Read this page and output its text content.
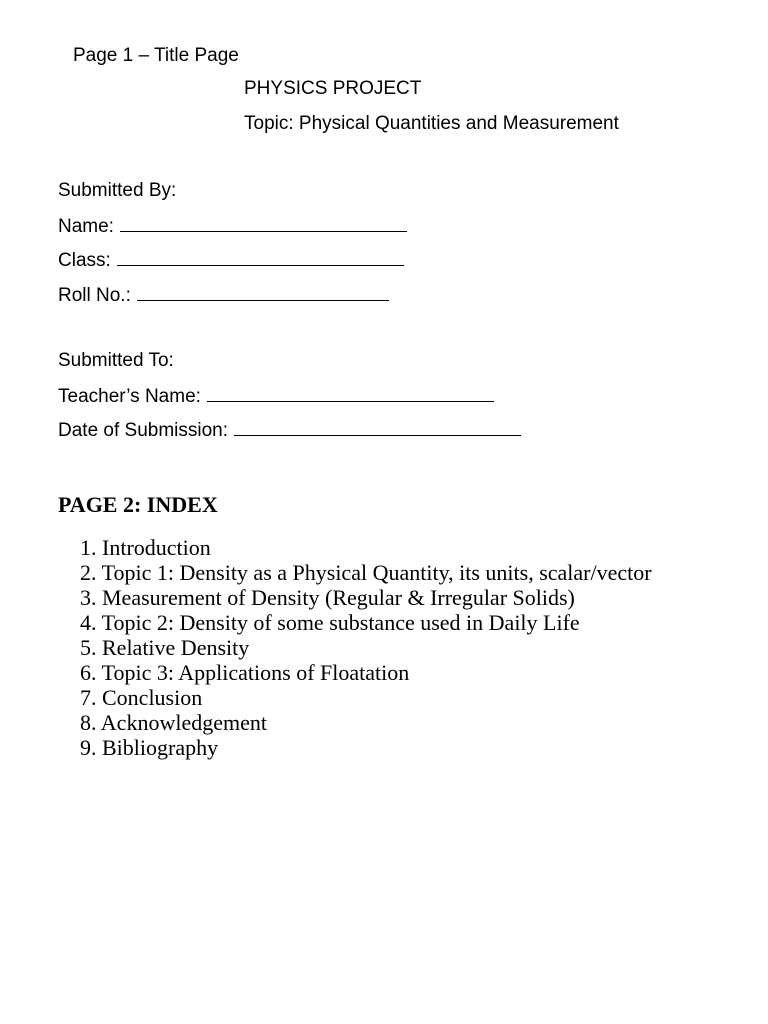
Page 1 – Title Page
PHYSICS PROJECT
Topic: Physical Quantities and Measurement
Submitted By:
Name:
Class:
Roll No.:
Submitted To:
Teacher’s Name:
Date of Submission:
PAGE 2: INDEX
1. Introduction
2. Topic 1: Density as a Physical Quantity, its units, scalar/vector
3. Measurement of Density (Regular & Irregular Solids)
4. Topic 2: Density of some substance used in Daily Life
5. Relative Density
6. Topic 3: Applications of Floatation
7. Conclusion
8. Acknowledgement
9. Bibliography
